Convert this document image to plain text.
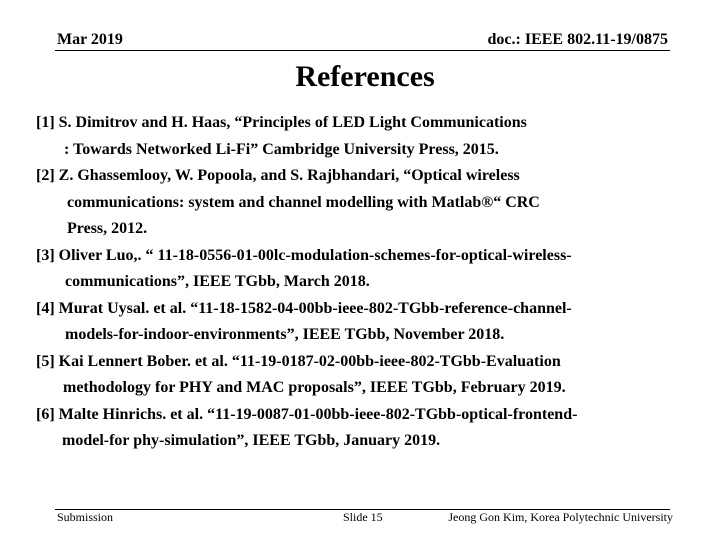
Mar 2019	doc.: IEEE 802.11-19/0875
References
[1] S. Dimitrov and H. Haas, “Principles of LED Light Communications
: Towards Networked Li-Fi” Cambridge University Press, 2015.
[2] Z. Ghassemlooy, W. Popoola, and S. Rajbhandari, “Optical wireless
communications: system and channel modelling with Matlab®“ CRC
Press, 2012.
[3] Oliver Luo,. “ 11-18-0556-01-00lc-modulation-schemes-for-optical-wireless-
communications”, IEEE TGbb, March 2018.
[4] Murat Uysal. et al. “11-18-1582-04-00bb-ieee-802-TGbb-reference-channel-
models-for-indoor-environments”, IEEE TGbb, November 2018.
[5] Kai Lennert Bober. et al. “11-19-0187-02-00bb-ieee-802-TGbb-Evaluation
methodology for PHY and MAC proposals”, IEEE TGbb, February 2019.
[6] Malte Hinrichs. et al. “11-19-0087-01-00bb-ieee-802-TGbb-optical-frontend-
model-for phy-simulation”, IEEE TGbb, January 2019.
Submission	Slide 15	Jeong Gon Kim, Korea Polytechnic University
